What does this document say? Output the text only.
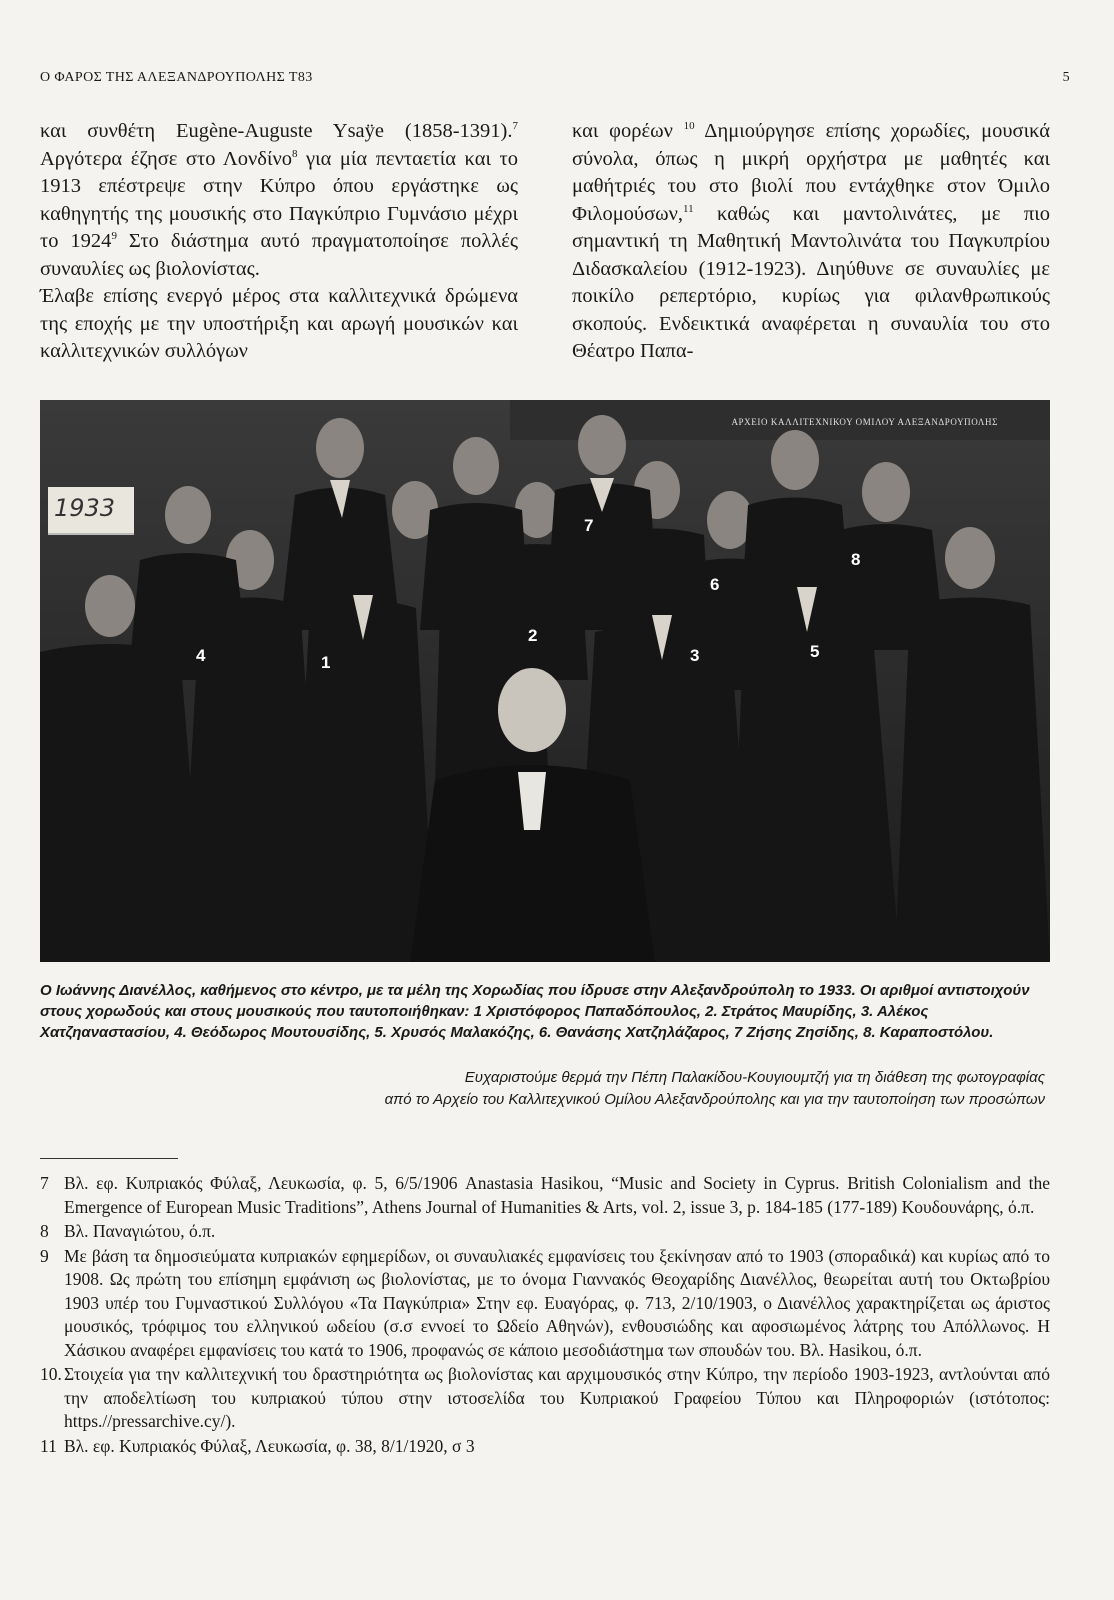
Ο ΦΑΡΟΣ ΤΗΣ ΑΛΕΞΑΝΔΡΟΥΠΟΛΗΣ Τ83	5

και συνθέτη Eugène-Auguste Ysaÿe (1858-1391).$^7$ Αργότερα έζησε στο Λονδίνο$^8$ για μία πενταετία και το 1913 επέστρεψε στην Κύπρο όπου εργάστηκε ως καθηγητής της μουσικής στο Παγκύπριο Γυμνάσιο μέχρι το 1924$^9$ Στο διάστημα αυτό πραγματοποίησε πολλές συναυλίες ως βιολονίστας.

Έλαβε επίσης ενεργό μέρος στα καλλιτεχνικά δρώμενα της εποχής με την υποστήριξη και αρωγή μουσικών και καλλιτεχνικών συλλόγων

και φορέων $^{10}$ Δημιούργησε επίσης χορωδίες, μουσικά σύνολα, όπως η μικρή ορχήστρα με μαθητές και μαθήτριές του στο βιολί που εντάχθηκε στον Όμιλο Φιλομούσων,$^{11}$ καθώς και μαντολινάτες, με πιο σημαντική τη Μαθητική Μαντολινάτα του Παγκυπρίου Διδασκαλείου (1912-1923). Διηύθυνε σε συναυλίες με ποικίλο ρεπερτόριο, κυρίως για φιλανθρωπικούς σκοπούς. Ενδεικτικά αναφέρεται η συναυλία του στο Θέατρο Παπα-

ΑΡΧΕΙΟ ΚΑΛΛΙΤΕΧΝΙΚΟΥ ΟΜΙΛΟΥ ΑΛΕΞΑΝΔΡΟΥΠΟΛΗΣ
1933
1
2
3
4	5
6
7
8
Ο Ιωάννης Διανέλλος, καθήμενος στο κέντρο, με τα μέλη της Χορωδίας που ίδρυσε στην Αλεξανδρούπολη το 1933. Οι αριθμοί αντιστοιχούν στους χορωδούς και στους μουσικούς που ταυτοποιήθηκαν: 1 Χριστόφορος Παπαδόπουλος, 2. Στράτος Μαυρίδης, 3. Αλέκος Χατζηαναστασίου, 4. Θεόδωρος Μουτουσίδης, 5. Χρυσός Μαλακόζης, 6. Θανάσης Χατζηλάζαρος, 7 Ζήσης Ζησίδης, 8. Καραποστόλου.
Ευχαριστούμε θερμά την Πέπη Παλακίδου-Κουγιουμτζή για τη διάθεση της φωτογραφίας
από το Αρχείο του Καλλιτεχνικού Ομίλου Αλεξανδρούπολης και για την ταυτοποίηση των προσώπων
7 Βλ. εφ. Κυπριακός Φύλαξ, Λευκωσία, φ. 5, 6/5/1906 Anastasia Hasikou, “Music and Society in Cyprus. British Colonialism and the Emergence of European Music Traditions”, Athens Journal of Humanities & Arts, vol. 2, issue 3, p. 184-185 (177-189) Κουδουνάρης, ό.π.
8 Βλ. Παναγιώτου, ό.π.
9 Με βάση τα δημοσιεύματα κυπριακών εφημερίδων, οι συναυλιακές εμφανίσεις του ξεκίνησαν από το 1903 (σποραδικά) και κυρίως από το 1908. Ως πρώτη του επίσημη εμφάνιση ως βιολονίστας, με το όνομα Γιαννακός Θεοχαρίδης Διανέλλος, θεωρείται αυτή του Οκτωβρίου 1903 υπέρ του Γυμναστικού Συλλόγου «Τα Παγκύπρια» Στην εφ. Ευαγόρας, φ. 713, 2/10/1903, ο Διανέλλος χαρακτηρίζεται ως άριστος μουσικός, τρόφιμος του ελληνικού ωδείου (σ.σ εννοεί το Ωδείο Αθηνών), ενθουσιώδης και αφοσιωμένος λάτρης του Απόλλωνος. Η Χάσικου αναφέρει εμφανίσεις του κατά το 1906, προφανώς σε κάποιο μεσοδιάστημα των σπουδών του. Βλ. Hasikou, ό.π.
10. Στοιχεία για την καλλιτεχνική του δραστηριότητα ως βιολονίστας και αρχιμουσικός στην Κύπρο, την περίοδο 1903-1923, αντλούνται από την αποδελτίωση του κυπριακού τύπου στην ιστοσελίδα του Κυπριακού Γραφείου Τύπου και Πληροφοριών (ιστότοπος: https.//pressarchive.cy/).
11 Βλ. εφ. Κυπριακός Φύλαξ, Λευκωσία, φ. 38, 8/1/1920, σ 3
